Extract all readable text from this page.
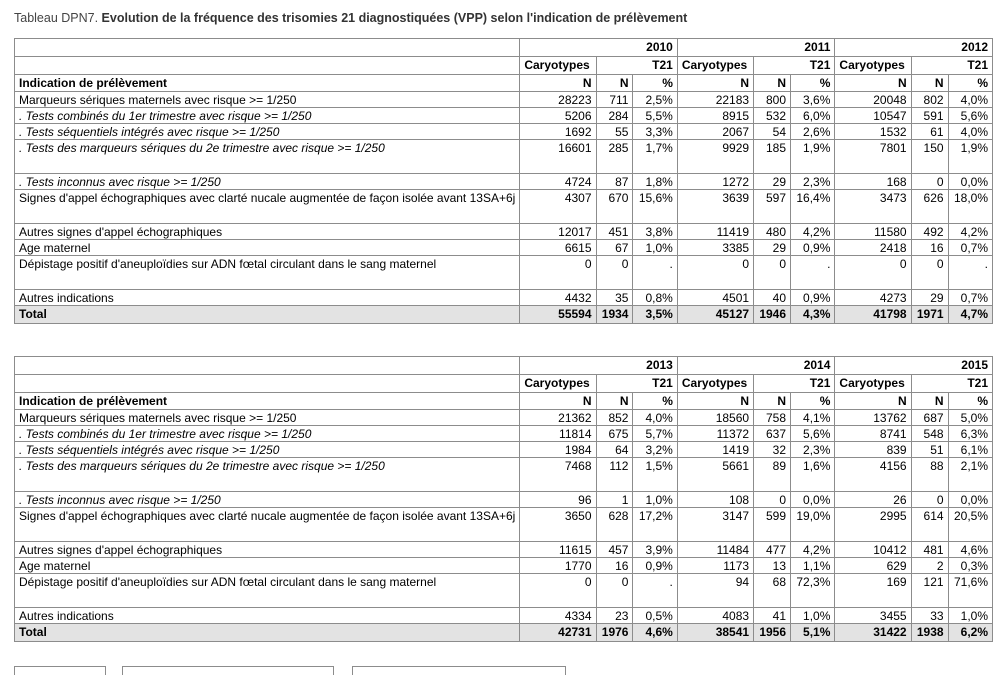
Tableau DPN7. Evolution de la fréquence des trisomies 21 diagnostiquées (VPP) selon l'indication de prélèvement
	2010			2011			2012		
	Caryotypes	T21		Caryotypes	T21		Caryotypes	T21	
Indication de prélèvement	N	N	%	N	N	%	N	N	%
Marqueurs sériques maternels avec risque >= 1/250	28223	711	2,5%	22183	800	3,6%	20048	802	4,0%
. Tests combinés du 1er trimestre avec risque >= 1/250	5206	284	5,5%	8915	532	6,0%	10547	591	5,6%
. Tests séquentiels intégrés avec risque >= 1/250	1692	55	3,3%	2067	54	2,6%	1532	61	4,0%
. Tests des marqueurs sériques du 2e trimestre avec risque >= 1/250	16601	285	1,7%	9929	185	1,9%	7801	150	1,9%
. Tests inconnus avec risque >= 1/250	4724	87	1,8%	1272	29	2,3%	168	0	0,0%
Signes d'appel échographiques avec clarté nucale augmentée de façon isolée avant 13SA+6j	4307	670	15,6%	3639	597	16,4%	3473	626	18,0%
Autres signes d'appel échographiques	12017	451	3,8%	11419	480	4,2%	11580	492	4,2%
Age maternel	6615	67	1,0%	3385	29	0,9%	2418	16	0,7%
Dépistage positif d'aneuploïdies sur ADN fœtal circulant dans le sang maternel	0	0	.	0	0	.	0	0	.
Autres indications	4432	35	0,8%	4501	40	0,9%	4273	29	0,7%
Total	55594	1934	3,5%	45127	1946	4,3%	41798	1971	4,7%
	2013			2014			2015		
	Caryotypes	T21		Caryotypes	T21		Caryotypes	T21	
Indication de prélèvement	N	N	%	N	N	%	N	N	%
Marqueurs sériques maternels avec risque >= 1/250	21362	852	4,0%	18560	758	4,1%	13762	687	5,0%
. Tests combinés du 1er trimestre avec risque >= 1/250	11814	675	5,7%	11372	637	5,6%	8741	548	6,3%
. Tests séquentiels intégrés avec risque >= 1/250	1984	64	3,2%	1419	32	2,3%	839	51	6,1%
. Tests des marqueurs sériques du 2e trimestre avec risque >= 1/250	7468	112	1,5%	5661	89	1,6%	4156	88	2,1%
. Tests inconnus avec risque >= 1/250	96	1	1,0%	108	0	0,0%	26	0	0,0%
Signes d'appel échographiques avec clarté nucale augmentée de façon isolée avant 13SA+6j	3650	628	17,2%	3147	599	19,0%	2995	614	20,5%
Autres signes d'appel échographiques	11615	457	3,9%	11484	477	4,2%	10412	481	4,6%
Age maternel	1770	16	0,9%	1173	13	1,1%	629	2	0,3%
Dépistage positif d'aneuploïdies sur ADN fœtal circulant dans le sang maternel	0	0	.	94	68	72,3%	169	121	71,6%
Autres indications	4334	23	0,5%	4083	41	1,0%	3455	33	1,0%
Total	42731	1976	4,6%	38541	1956	5,1%	31422	1938	6,2%
